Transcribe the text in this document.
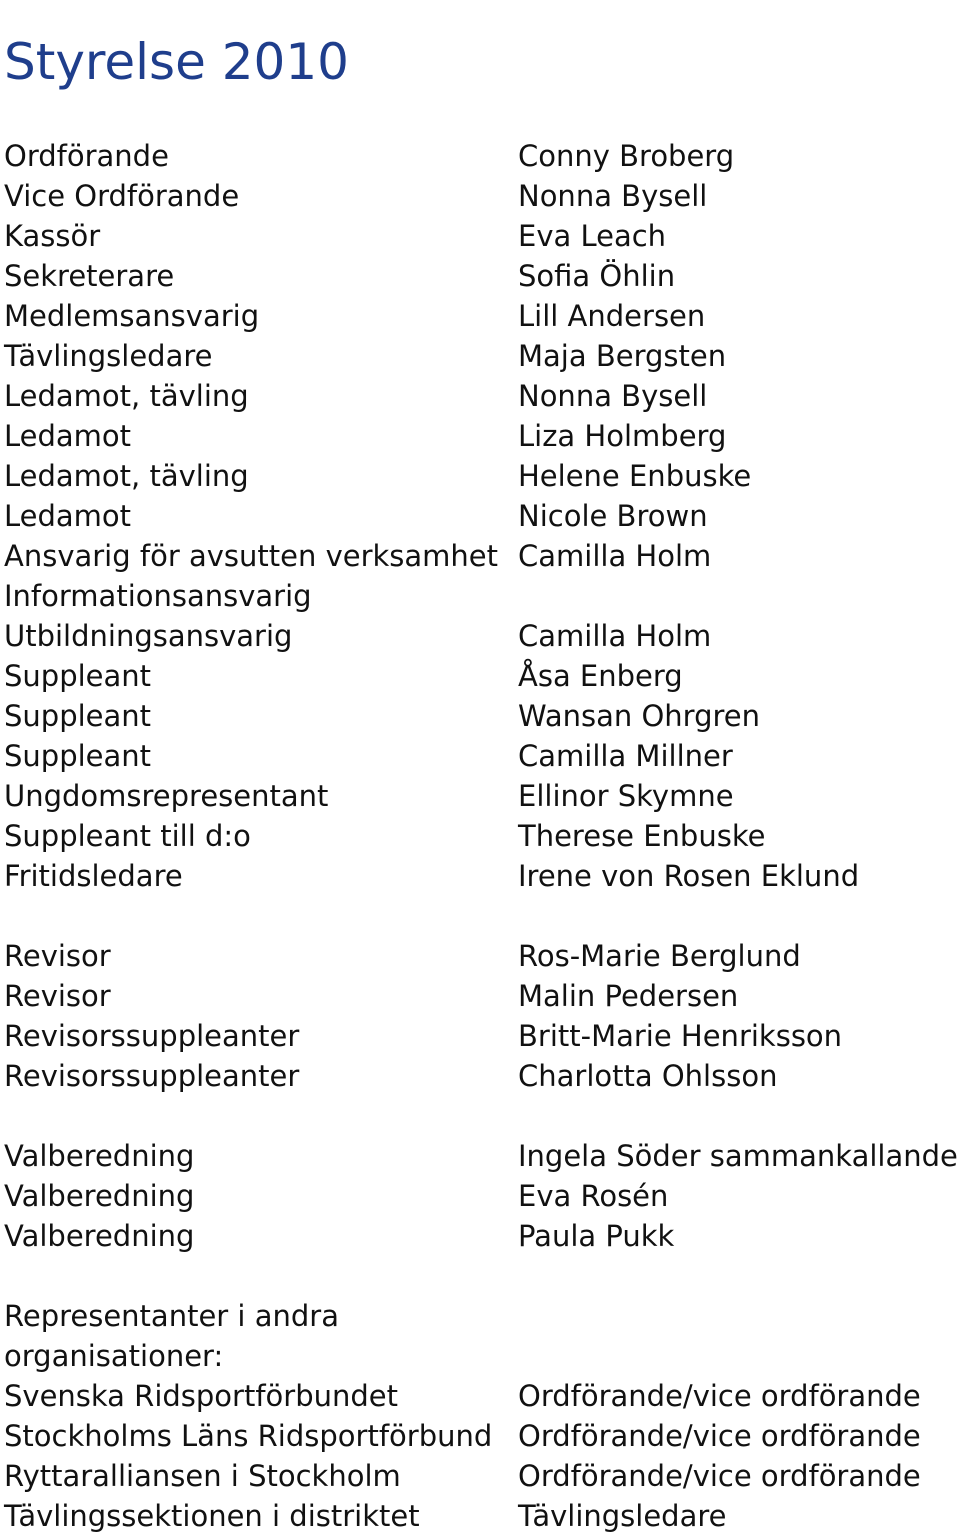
Styrelse 2010
Ordförande	Conny Broberg
Vice Ordförande	Nonna Bysell
Kassör	Eva Leach
Sekreterare	Sofia Öhlin
Medlemsansvarig	Lill Andersen
Tävlingsledare	Maja Bergsten
Ledamot, tävling	Nonna Bysell
Ledamot	Liza Holmberg
Ledamot, tävling	Helene Enbuske
Ledamot	Nicole Brown
Ansvarig för avsutten verksamhet Camilla Holm
Informationsansvarig
Utbildningsansvarig	Camilla Holm
Suppleant	Åsa Enberg
Suppleant	Wansan Ohrgren
Suppleant	Camilla Millner
Ungdomsrepresentant	Ellinor Skymne
Suppleant till d:o	Therese Enbuske
Fritidsledare	Irene von Rosen Eklund
Revisor	Ros-Marie Berglund
Revisor	Malin Pedersen
Revisorssuppleanter	Britt-Marie Henriksson
Revisorssuppleanter	Charlotta Ohlsson
Valberedning	Ingela Söder sammankallande
Valberedning	Eva Rosén
Valberedning	Paula Pukk
Representanter i andra organisationer:
Svenska Ridsportförbundet	Ordförande/vice ordförande
Stockholms Läns Ridsportförbund Ordförande/vice ordförande
Ryttaralliansen i Stockholm	Ordförande/vice ordförande
Tävlingssektionen i distriktet	Tävlingsledare
